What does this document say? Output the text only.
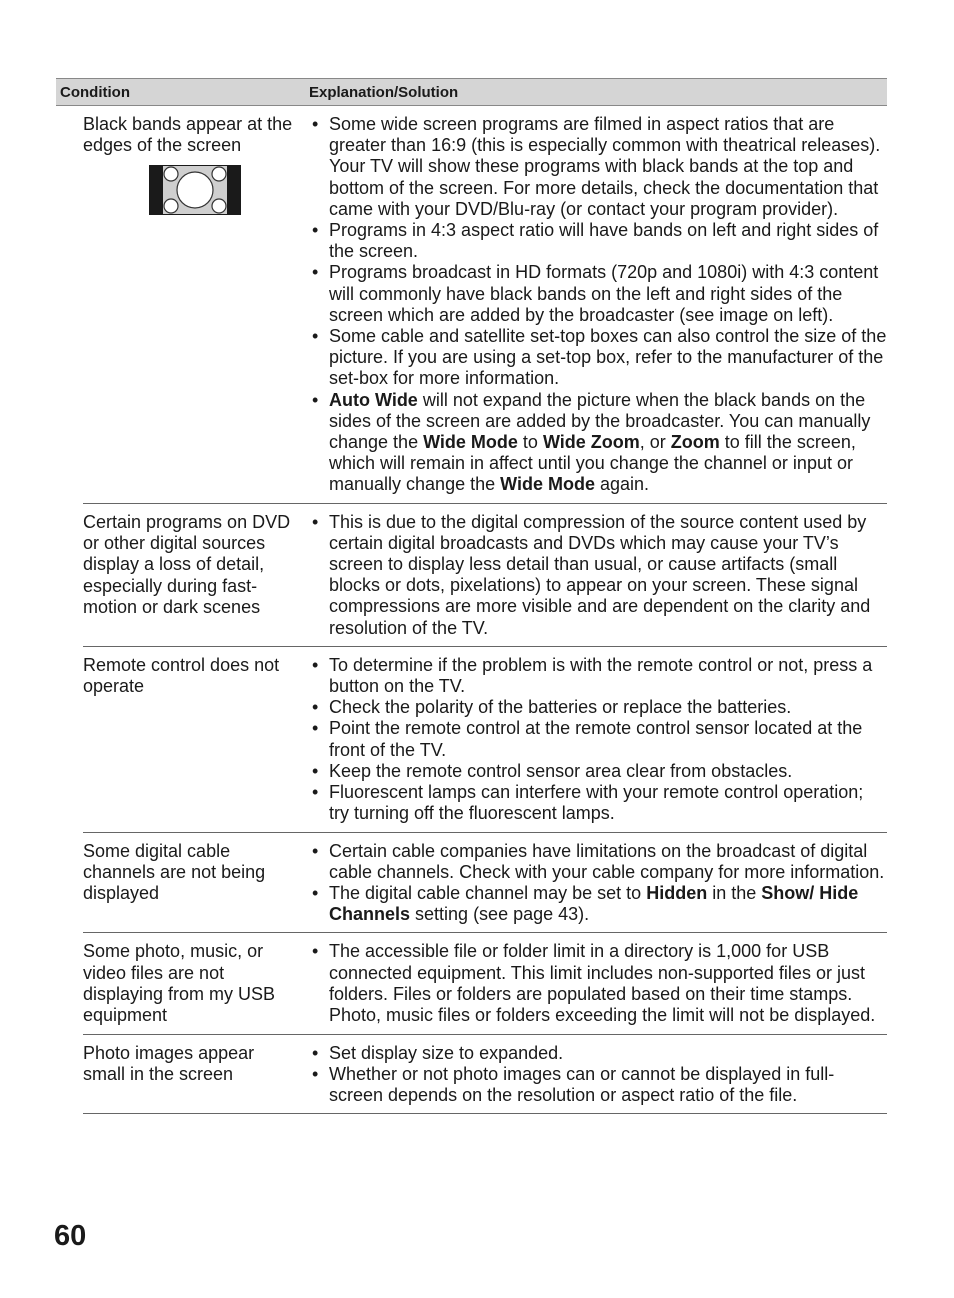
Condition	Explanation/Solution
Black bands appear at the edges of the screen
• Some wide screen programs are filmed in aspect ratios that are greater than 16:9 (this is especially common with theatrical releases). Your TV will show these programs with black bands at the top and bottom of the screen. For more details, check the documentation that came with your DVD/Blu-ray (or contact your program provider).
• Programs in 4:3 aspect ratio will have bands on left and right sides of the screen.
• Programs broadcast in HD formats (720p and 1080i) with 4:3 content will commonly have black bands on the left and right sides of the screen which are added by the broadcaster (see image on left).
• Some cable and satellite set-top boxes can also control the size of the picture. If you are using a set-top box, refer to the manufacturer of the set-box for more information.
• Auto Wide will not expand the picture when the black bands on the sides of the screen are added by the broadcaster. You can manually change the Wide Mode to Wide Zoom, or Zoom to fill the screen, which will remain in affect until you change the channel or input or manually change the Wide Mode again.
Certain programs on DVD or other digital sources display a loss of detail, especially during fast-motion or dark scenes
• This is due to the digital compression of the source content used by certain digital broadcasts and DVDs which may cause your TV’s screen to display less detail than usual, or cause artifacts (small blocks or dots, pixelations) to appear on your screen. These signal compressions are more visible and are dependent on the clarity and resolution of the TV.
Remote control does not operate
• To determine if the problem is with the remote control or not, press a button on the TV.
• Check the polarity of the batteries or replace the batteries.
• Point the remote control at the remote control sensor located at the front of the TV.
• Keep the remote control sensor area clear from obstacles.
• Fluorescent lamps can interfere with your remote control operation; try turning off the fluorescent lamps.
Some digital cable channels are not being displayed
• Certain cable companies have limitations on the broadcast of digital cable channels. Check with your cable company for more information.
• The digital cable channel may be set to Hidden in the Show/ Hide Channels setting (see page 43).
Some photo, music, or video files are not displaying from my USB equipment
• The accessible file or folder limit in a directory is 1,000 for USB connected equipment. This limit includes non-supported files or just folders. Files or folders are populated based on their time stamps. Photo, music files or folders exceeding the limit will not be displayed.
Photo images appear small in the screen
• Set display size to expanded.
• Whether or not photo images can or cannot be displayed in full-screen depends on the resolution or aspect ratio of the file.
60
